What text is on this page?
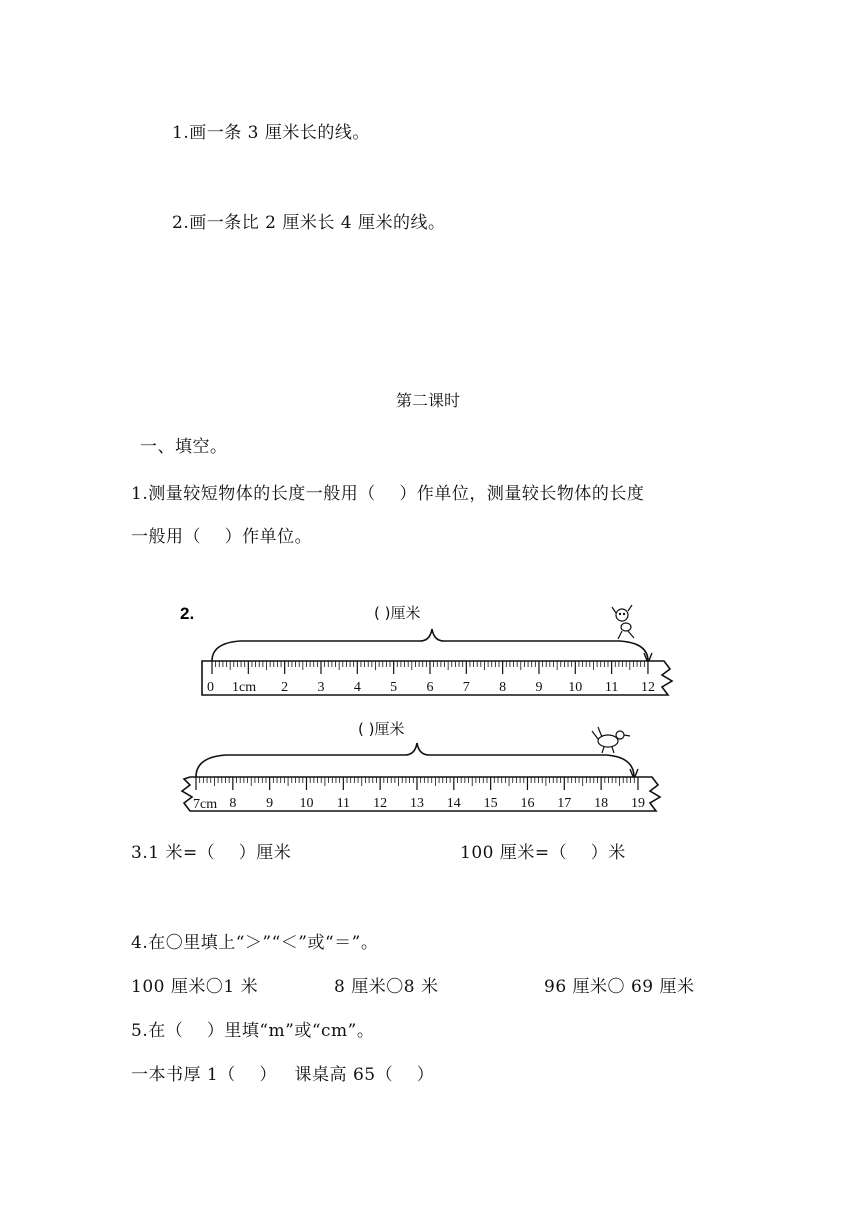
1.画一条 3 厘米长的线。
2.画一条比 2 厘米长 4 厘米的线。
第二课时
一、填空。
1.测量较短物体的长度一般用（    ）作单位，测量较长物体的长度
一般用（    ）作单位。
2.	( )厘米
0 1cm 2 3 4 5 6 7 8 9 10 11 12
( )厘米
7cm 8 9 10 11 12 13 14 15 16 17 18 19
3.1 米=（    ）厘米	100 厘米=（    ）米
4.在〇里填上“＞”“＜”或“＝”。
100 厘米〇1 米	8 厘米〇8 米	96 厘米〇 69 厘米
5.在（    ）里填“m”或“cm”。
一本书厚 1（    ）   课桌高 65（    ）
